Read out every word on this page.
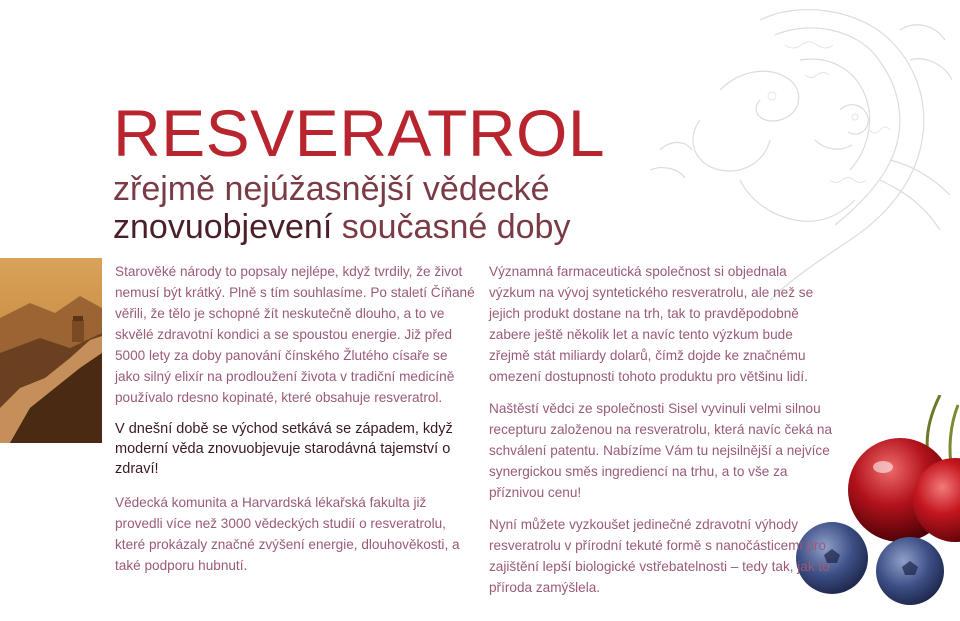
RESVERATROL
zřejmě nejúžasnější vědecké
znovuobjevení současné doby

Starověké národy to popsaly nejlépe, když tvrdily, že život nemusí být krátký. Plně s tím souhlasíme. Po staletí Číňané věřili, že tělo je schopné žít neskutečně dlouho, a to ve skvělé zdravotní kondici a se spoustou energie. Již před 5000 lety za doby panování čínského Žlutého císaře se jako silný elixír na prodloužení života v tradiční medicíně používalo rdesno kopinaté, které obsahuje resveratrol.

V dnešní době se východ setkává se západem, když moderní věda znovuobjevuje starodávná tajemství o zdraví!

Vědecká komunita a Harvardská lékařská fakulta již provedli více než 3000 vědeckých studií o resveratrolu, které prokázaly značné zvýšení energie, dlouhověkosti, a také podporu hubnutí.

Významná farmaceutická společnost si objednala výzkum na vývoj syntetického resveratrolu, ale než se jejich produkt dostane na trh, tak to pravděpodobně zabere ještě několik let a navíc tento výzkum bude zřejmě stát miliardy dolarů, čímž dojde ke značnému omezení dostupnosti tohoto produktu pro většinu lidí.

Naštěstí vědci ze společnosti Sisel vyvinuli velmi silnou recepturu založenou na resveratrolu, která navíc čeká na schválení patentu. Nabízíme Vám tu nejsilnější a nejvíce synergickou směs ingrediencí na trhu, a to vše za příznivou cenu!

Nyní můžete vyzkoušet jedinečné zdravotní výhody resveratrolu v přírodní tekuté formě s nanočásticemi pro zajištění lepší biologické vstřebatelnosti – tedy tak, jak to příroda zamýšlela.
